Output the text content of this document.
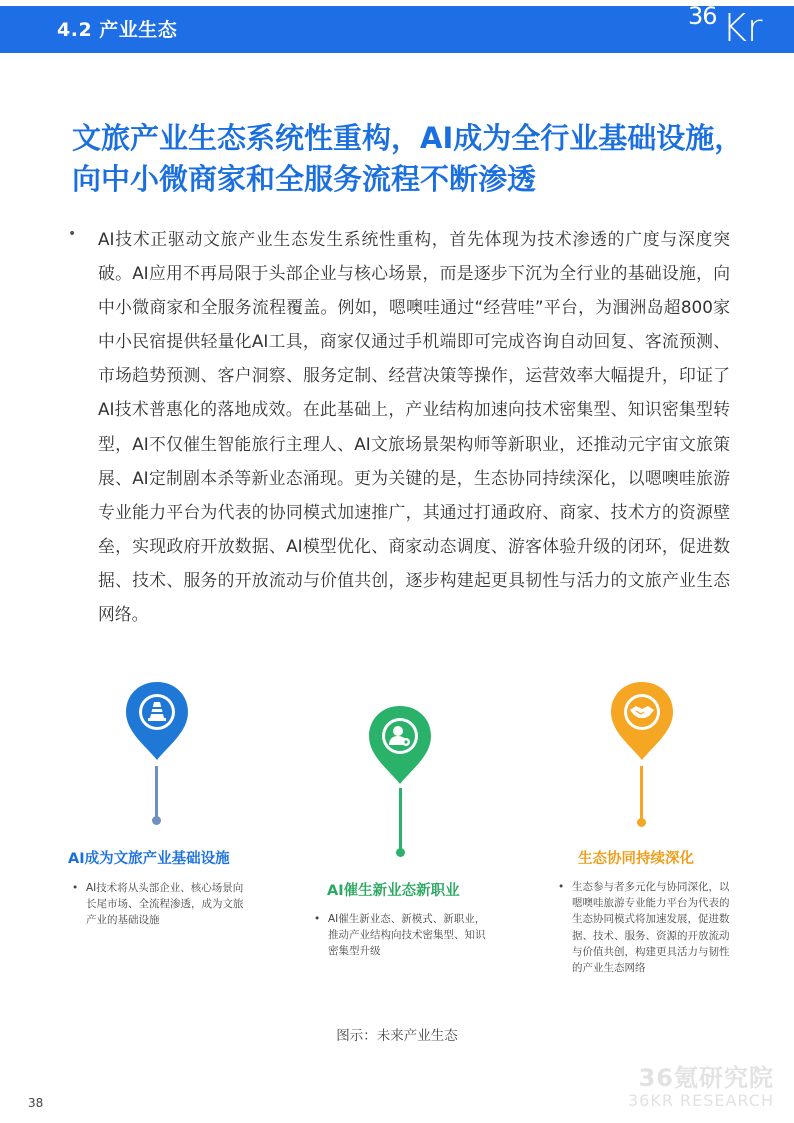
4.2 产业生态	36 Kr
文旅产业生态系统性重构，AI成为全行业基础设施，向中小微商家和全服务流程不断渗透
• AI技术正驱动文旅产业生态发生系统性重构，首先体现为技术渗透的广度与深度突破。AI应用不再局限于头部企业与核心场景，而是逐步下沉为全行业的基础设施，向中小微商家和全服务流程覆盖。例如，嗯噢哇通过“经营哇”平台，为涠洲岛超800家中小民宿提供轻量化AI工具，商家仅通过手机端即可完成咨询自动回复、客流预测、市场趋势预测、客户洞察、服务定制、经营决策等操作，运营效率大幅提升，印证了AI技术普惠化的落地成效。在此基础上，产业结构加速向技术密集型、知识密集型转型，AI不仅催生智能旅行主理人、AI文旅场景架构师等新职业，还推动元宇宙文旅策展、AI定制剧本杀等新业态涌现。更为关键的是，生态协同持续深化，以嗯噢哇旅游专业能力平台为代表的协同模式加速推广，其通过打通政府、商家、技术方的资源壁垒，实现政府开放数据、AI模型优化、商家动态调度、游客体验升级的闭环，促进数据、技术、服务的开放流动与价值共创，逐步构建起更具韧性与活力的文旅产业生态网络。
AI成为文旅产业基础设施
• AI技术将从头部企业、核心场景向长尾市场、全流程渗透，成为文旅产业的基础设施
AI催生新业态新职业
• AI催生新业态、新模式、新职业，推动产业结构向技术密集型、知识密集型升级
生态协同持续深化
• 生态参与者多元化与协同深化，以嗯噢哇旅游专业能力平台为代表的生态协同模式将加速发展，促进数据、技术、服务、资源的开放流动与价值共创，构建更具活力与韧性的产业生态网络
图示：未来产业生态
38
36氪研究院
36KR RESEARCH
